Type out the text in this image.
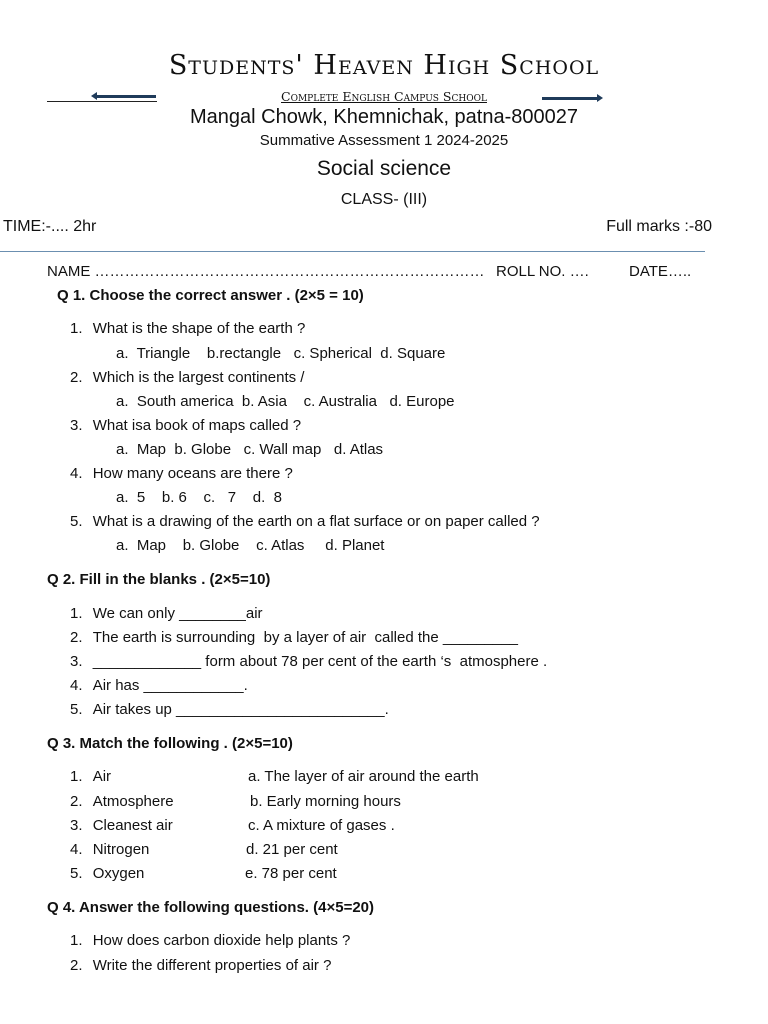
Students' Heaven High School
Complete English Campus School
Mangal Chowk, Khemnichak, patna-800027
Summative Assessment 1 2024-2025
Social science
CLASS- (III)
TIME:-.... 2hr	Full marks :-80
NAME …………………………………………………………………… ROLL NO. ….	DATE…..
Q 1. Choose the correct answer . (2×5 = 10)
1. What is the shape of the earth ?
a.  Triangle    b.rectangle   c. Spherical  d. Square
2. Which is the largest continents /
a.  South america  b. Asia    c. Australia   d. Europe
3. What isa book of maps called ?
a.  Map  b. Globe   c. Wall map   d. Atlas
4. How many oceans are there ?
a.  5    b. 6    c.   7    d.  8
5. What is a drawing of the earth on a flat surface or on paper called ?
a.  Map    b. Globe    c. Atlas     d. Planet
Q 2. Fill in the blanks . (2×5=10)
1. We can only ________air
2. The earth is surrounding  by a layer of air  called the _________
3. _____________ form about 78 per cent of the earth ‘s  atmosphere .
4. Air has ____________.
5. Air takes up _________________________.
Q 3. Match the following . (2×5=10)
1. Air	a. The layer of air around the earth
2. Atmosphere	b. Early morning hours
3. Cleanest air	c. A mixture of gases .
4. Nitrogen	d. 21 per cent
5. Oxygen	e. 78 per cent
Q 4. Answer the following questions. (4×5=20)
1. How does carbon dioxide help plants ?
2. Write the different properties of air ?
